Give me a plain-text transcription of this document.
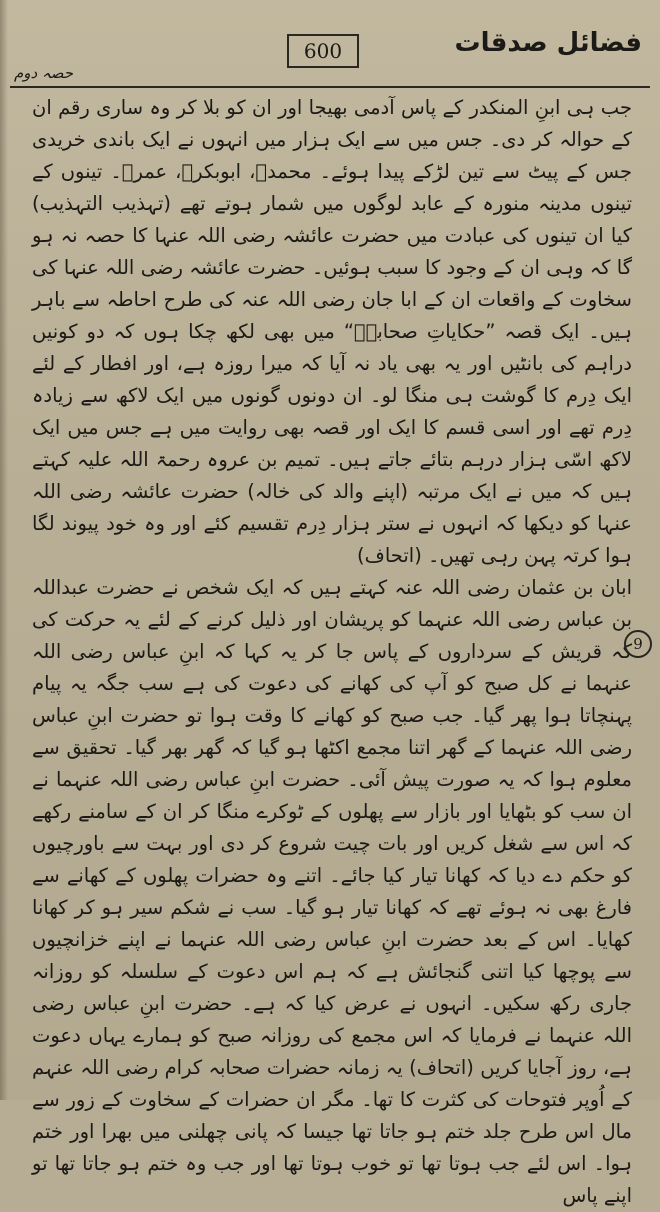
فضائل صدقات
600
حصہ دوم

جب ہی ابنِ المنکدر کے پاس آدمی بھیجا اور ان کو بلا کر وہ ساری رقم ان کے حوالہ کر دی۔ جس میں سے ایک ہزار میں انہوں نے ایک باندی خریدی جس کے پیٹ سے تین لڑکے پیدا ہوئے۔ محمدؒ، ابوبکرؒ، عمرؒ۔ تینوں کے تینوں مدینہ منورہ کے عابد لوگوں میں شمار ہوتے تھے (تہذیب التہذیب) کیا ان تینوں کی عبادت میں حضرت عائشہ رضی اللہ عنہا کا حصہ نہ ہو گا کہ وہی ان کے وجود کا سبب ہوئیں۔ حضرت عائشہ رضی اللہ عنہا کی سخاوت کے واقعات ان کے ابا جان رضی اللہ عنہ کی طرح احاطہ سے باہر ہیں۔ ایک قصہ ”حکایاتِ صحابہؓ“ میں بھی لکھ چکا ہوں کہ دو کونیں دراہم کی بانٹیں اور یہ بھی یاد نہ آیا کہ میرا روزہ ہے، اور افطار کے لئے ایک دِرم کا گوشت ہی منگا لو۔ ان دونوں گونوں میں ایک لاکھ سے زیادہ دِرم تھے اور اسی قسم کا ایک اور قصہ بھی روایت میں ہے جس میں ایک لاکھ اسّی ہزار درہم بتائے جاتے ہیں۔ تمیم بن عروہ رحمۃ اللہ علیہ کہتے ہیں کہ میں نے ایک مرتبہ (اپنے والد کی خالہ) حضرت عائشہ رضی اللہ عنہا کو دیکھا کہ انہوں نے ستر ہزار دِرم تقسیم کئے اور وہ خود پیوند لگا ہوا کرتہ پہن رہی تھیں۔ (اتحاف)

ابان بن عثمان رضی اللہ عنہ کہتے ہیں کہ ایک شخص نے حضرت عبداللہ بن عباس رضی اللہ عنہما کو پریشان اور ذلیل کرنے کے لئے یہ حرکت کی کہ قریش کے سرداروں کے پاس جا کر یہ کہا کہ ابنِ عباس رضی اللہ عنہما نے کل صبح کو آپ کی کھانے کی دعوت کی ہے سب جگہ یہ پیام پہنچاتا ہوا پھر گیا۔ جب صبح کو کھانے کا وقت ہوا تو حضرت ابنِ عباس رضی اللہ عنہما کے گھر اتنا مجمع اکٹھا ہو گیا کہ گھر بھر گیا۔ تحقیق سے معلوم ہوا کہ یہ صورت پیش آئی۔ حضرت ابنِ عباس رضی اللہ عنہما نے ان سب کو بٹھایا اور بازار سے پھلوں کے ٹوکرے منگا کر ان کے سامنے رکھے کہ اس سے شغل کریں اور بات چیت شروع کر دی اور بہت سے باورچیوں کو حکم دے دیا کہ کھانا تیار کیا جائے۔ اتنے وہ حضرات پھلوں کے کھانے سے فارغ بھی نہ ہوئے تھے کہ کھانا تیار ہو گیا۔ سب نے شکم سیر ہو کر کھانا کھایا۔ اس کے بعد حضرت ابنِ عباس رضی اللہ عنہما نے اپنے خزانچیوں سے پوچھا کیا اتنی گنجائش ہے کہ ہم اس دعوت کے سلسلہ کو روزانہ جاری رکھ سکیں۔ انہوں نے عرض کیا کہ ہے۔ حضرت ابنِ عباس رضی اللہ عنہما نے فرمایا کہ اس مجمع کی روزانہ صبح کو ہمارے یہاں دعوت ہے، روز آجایا کریں (اتحاف) یہ زمانہ حضرات صحابہ کرام رضی اللہ عنہم کے اُوپر فتوحات کی کثرت کا تھا۔ مگر ان حضرات کے سخاوت کے زور سے مال اس طرح جلد ختم ہو جاتا تھا جیسا کہ پانی چھلنی میں بھرا اور ختم ہوا۔ اس لئے جب ہوتا تھا تو خوب ہوتا تھا اور جب وہ ختم ہو جاتا تھا تو اپنے پاس

9
